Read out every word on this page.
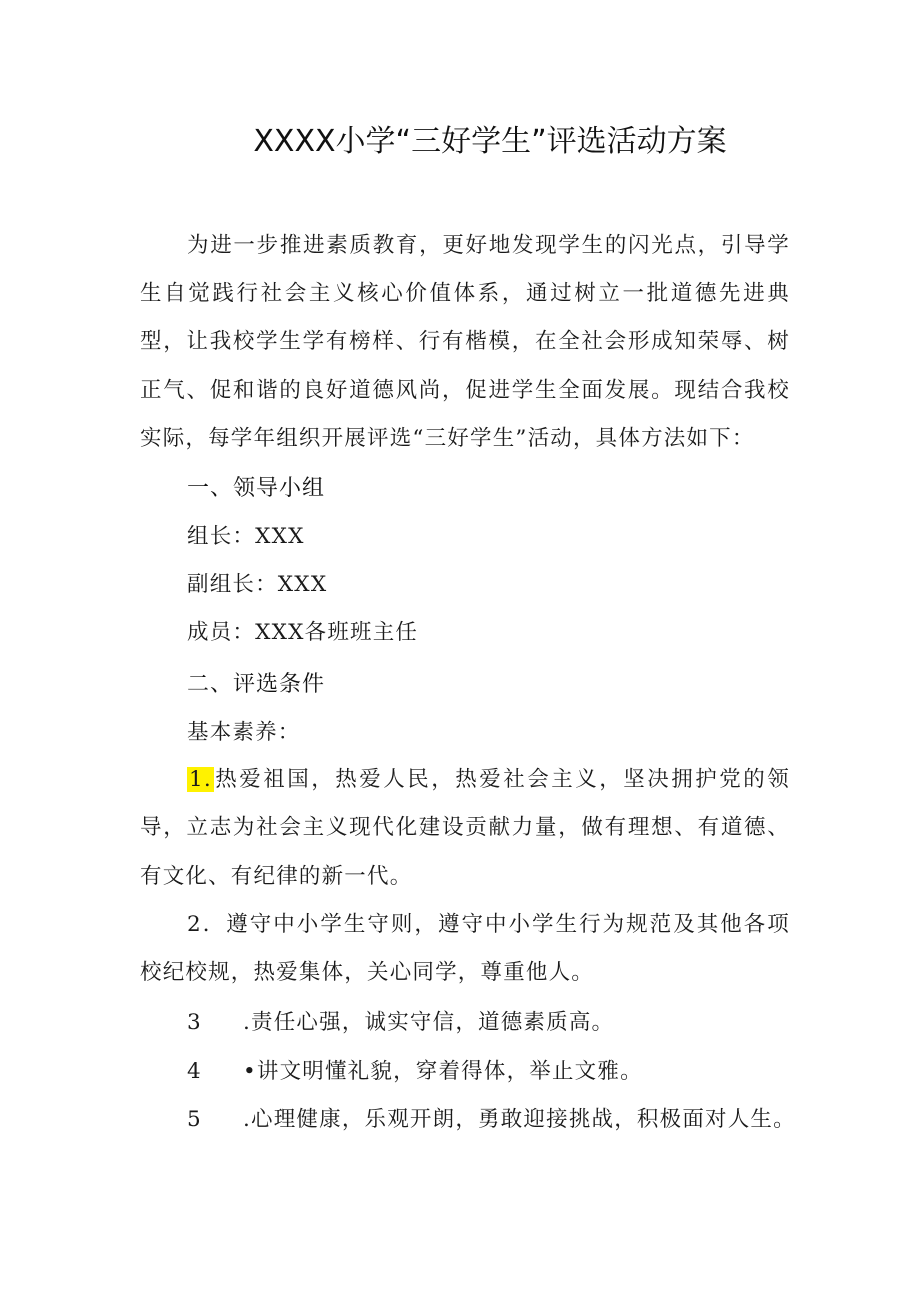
XXXX小学“三好学生”评选活动方案

为进一步推进素质教育，更好地发现学生的闪光点，引导学生自觉践行社会主义核心价值体系，通过树立一批道德先进典型，让我校学生学有榜样、行有楷模，在全社会形成知荣辱、树正气、促和谐的良好道德风尚，促进学生全面发展。现结合我校实际，每学年组织开展评选“三好学生”活动，具体方法如下：

一、领导小组

组长：XXX

副组长：XXX

成员：XXX各班班主任

二、评选条件

基本素养：

1.热爱祖国，热爱人民，热爱社会主义，坚决拥护党的领导，立志为社会主义现代化建设贡献力量，做有理想、有道德、有文化、有纪律的新一代。

2．遵守中小学生守则，遵守中小学生行为规范及其他各项校纪校规，热爱集体，关心同学，尊重他人。

3 .责任心强，诚实守信，道德素质高。

4 •讲文明懂礼貌，穿着得体，举止文雅。

5 .心理健康，乐观开朗，勇敢迎接挑战，积极面对人生。
